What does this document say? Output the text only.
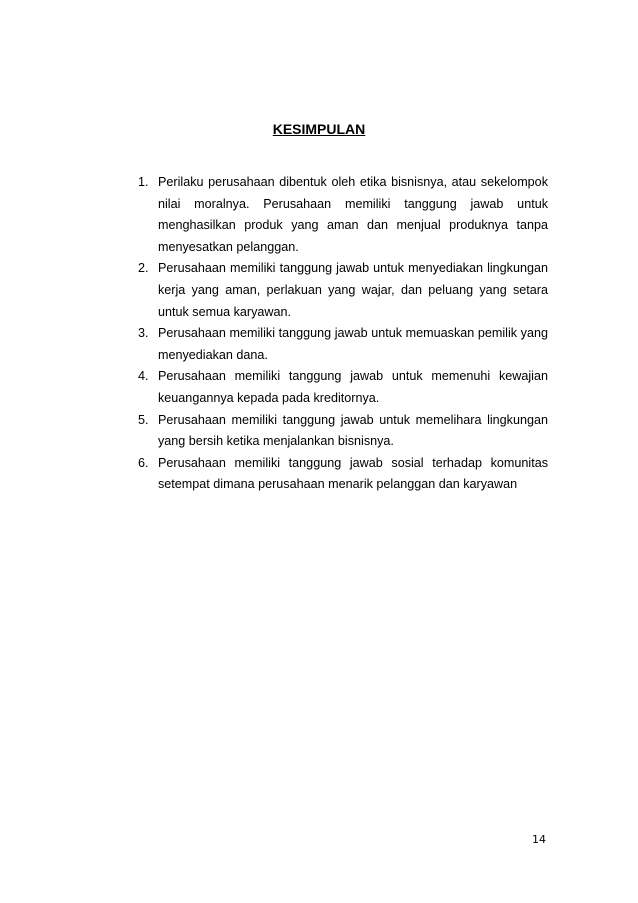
KESIMPULAN
1. Perilaku perusahaan dibentuk oleh etika bisnisnya, atau sekelompok nilai moralnya. Perusahaan memiliki tanggung jawab untuk menghasilkan produk yang aman dan menjual produknya tanpa menyesatkan pelanggan.
2. Perusahaan memiliki tanggung jawab untuk menyediakan lingkungan kerja yang aman, perlakuan yang wajar, dan peluang yang setara untuk semua karyawan.
3. Perusahaan memiliki tanggung jawab untuk memuaskan pemilik yang menyediakan dana.
4. Perusahaan memiliki tanggung jawab untuk memenuhi kewajian keuangannya kepada pada kreditornya.
5. Perusahaan memiliki tanggung jawab untuk memelihara lingkungan yang bersih ketika menjalankan bisnisnya.
6. Perusahaan memiliki tanggung jawab sosial terhadap komunitas setempat dimana perusahaan menarik pelanggan dan karyawan
14
